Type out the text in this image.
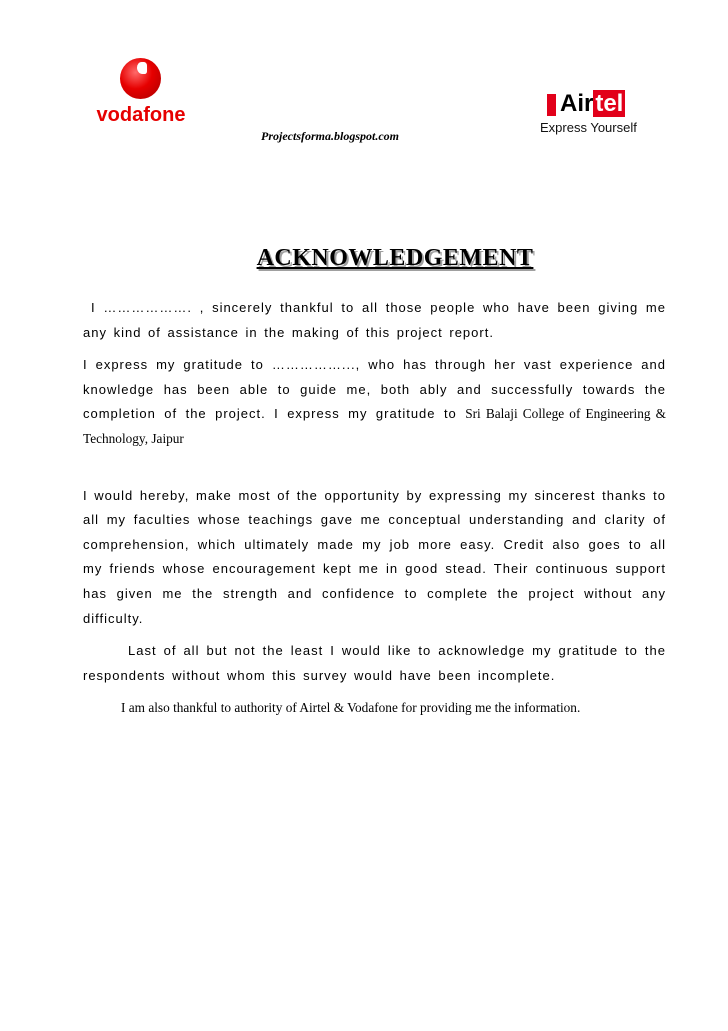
vodafone
Projectsforma.blogspot.com
Airtel
Express Yourself
ACKNOWLEDGEMENT

I ………………. , sincerely thankful to all those people who have been giving me any kind of assistance in the making of this project report.

I express my gratitude to ……………..., who has through her vast experience and knowledge has been able to guide me, both ably and successfully towards the completion of the project. I express my gratitude to Sri Balaji College of Engineering & Technology, Jaipur

I would hereby, make most of the opportunity by expressing my sincerest thanks to all my faculties whose teachings gave me conceptual understanding and clarity of comprehension, which ultimately made my job more easy. Credit also goes to all my friends whose encouragement kept me in good stead. Their continuous support has given me the strength and confidence to complete the project without any difficulty.

Last of all but not the least I would like to acknowledge my gratitude to the respondents without whom this survey would have been incomplete.

I am also thankful to authority of Airtel & Vodafone for providing me the information.
